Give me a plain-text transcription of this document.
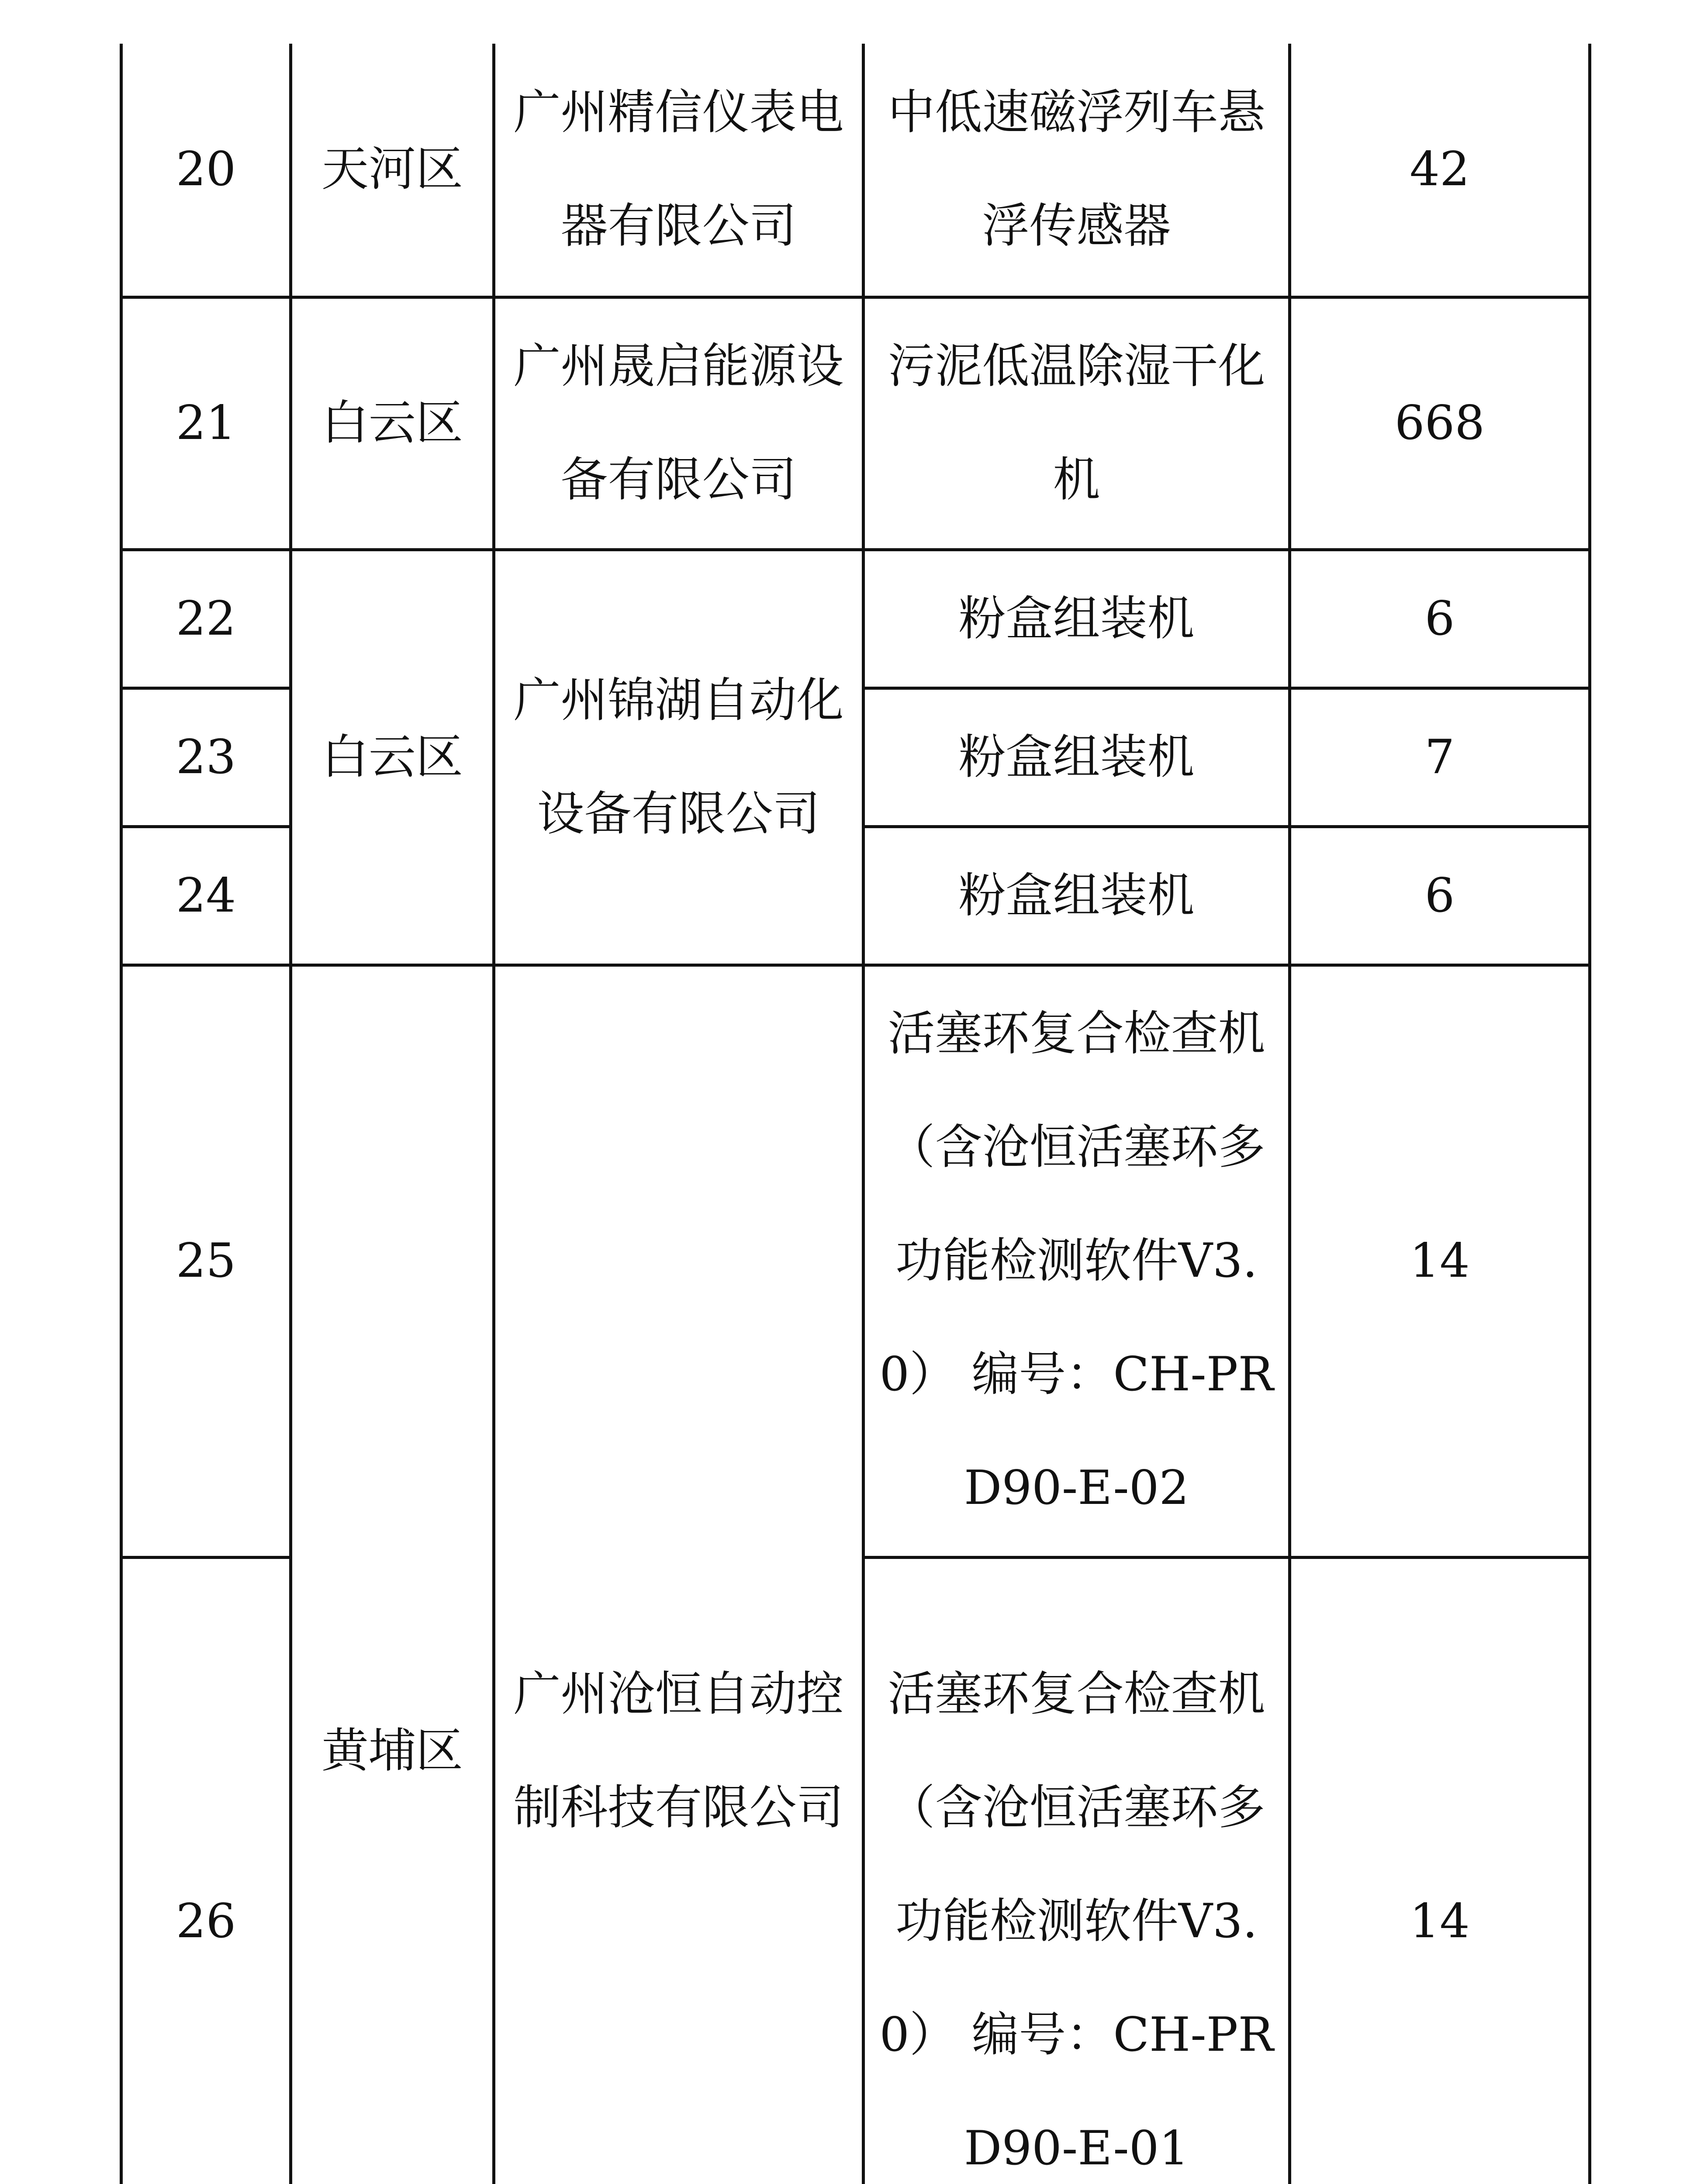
20	天河区	广州精信仪表电器有限公司	中低速磁浮列车悬浮传感器	42
21	白云区	广州晟启能源设备有限公司	污泥低温除湿干化机	668
22	白云区	广州锦湖自动化设备有限公司	粉盒组装机	6
23			粉盒组装机	7
24			粉盒组装机	6
25	黄埔区	广州沧恒自动控制科技有限公司	活塞环复合检查机（含沧恒活塞环多功能检测软件V3.0） 编号：CH-PRD90-E-02	14
26			活塞环复合检查机（含沧恒活塞环多功能检测软件V3.0） 编号：CH-PRD90-E-01	14
